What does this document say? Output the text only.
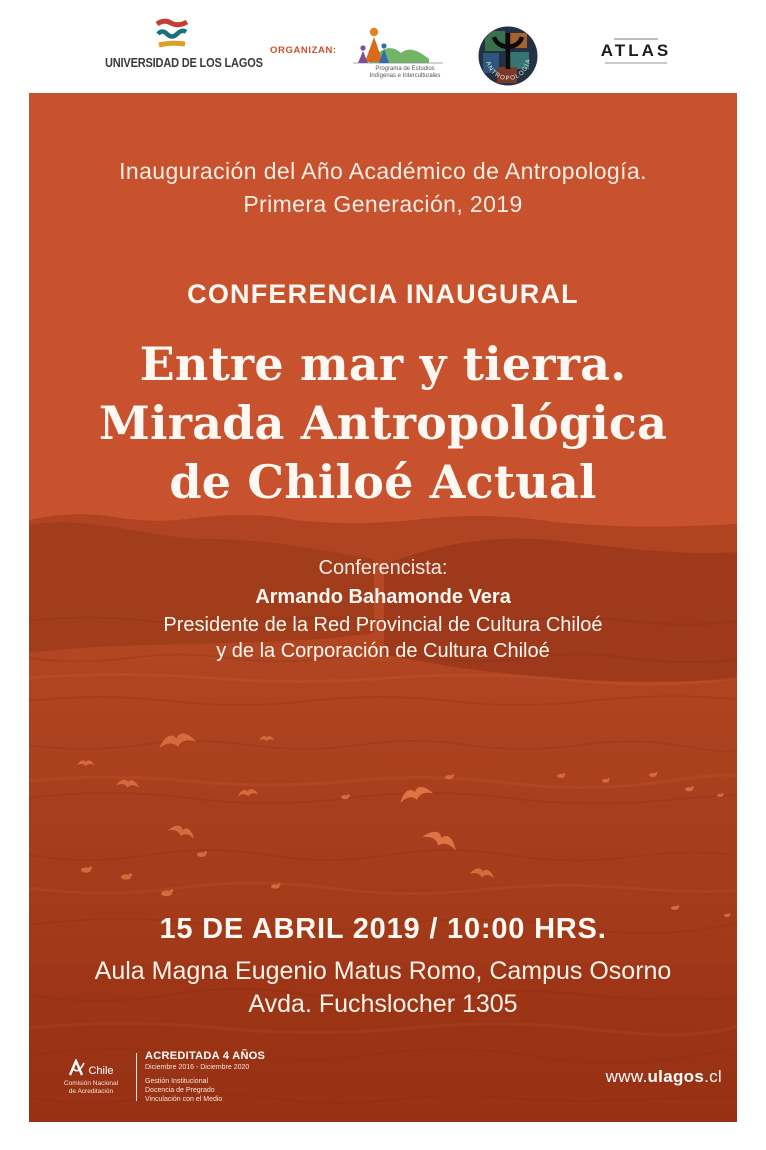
UNIVERSIDAD DE LOS LAGOS
ORGANIZAN:
Programa de Estudios
Indígenas e Interculturales
ANTROPOLOGÍA
ATLAS
Inauguración del Año Académico de Antropología.
Primera Generación, 2019
CONFERENCIA INAUGURAL
Entre mar y tierra.
Mirada Antropológica
de Chiloé Actual
Conferencista:
Armando Bahamonde Vera
Presidente de la Red Provincial de Cultura Chiloé
y de la Corporación de Cultura Chiloé
15 DE ABRIL 2019 / 10:00 HRS.
Aula Magna Eugenio Matus Romo, Campus Osorno
Avda. Fuchslocher 1305
Chile
Comisión Nacional
de Acreditación
ACREDITADA 4 AÑOS
Diciembre 2016 - Diciembre 2020
Gestión Institucional
Docencia de Pregrado
Vinculación con el Medio
www.ulagos.cl
